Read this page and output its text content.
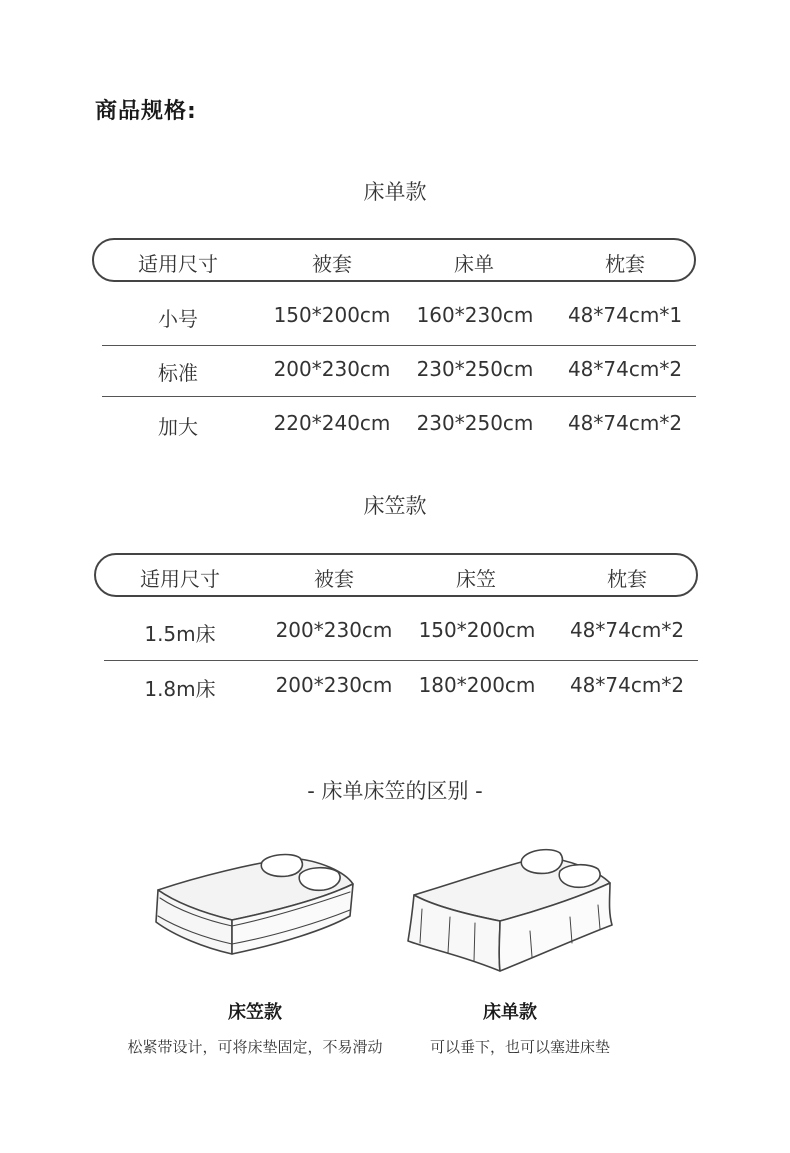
商品规格:
床单款
适用尺寸	被套	床单	枕套
小号	150*200cm	160*230cm	48*74cm*1
标准	200*230cm	230*250cm	48*74cm*2
加大	220*240cm	230*250cm	48*74cm*2
床笠款
适用尺寸	被套	床笠	枕套
1.5m床	200*230cm	150*200cm	48*74cm*2
1.8m床	200*230cm	180*200cm	48*74cm*2
- 床单床笠的区别 -
床笠款
松紧带设计，可将床垫固定，不易滑动
床单款
可以垂下，也可以塞进床垫
